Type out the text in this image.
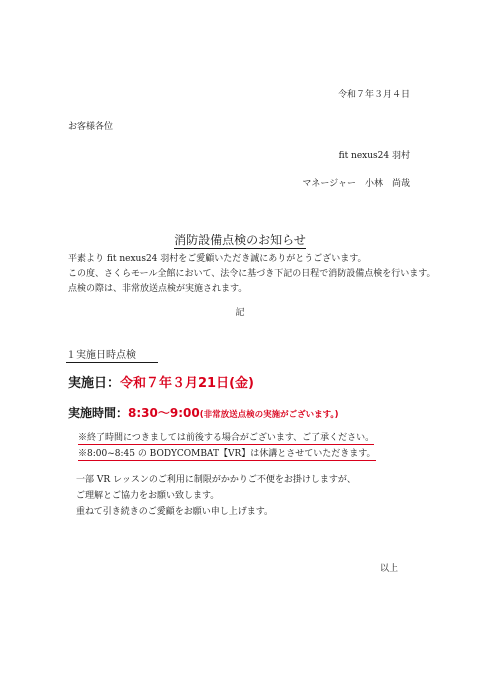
令和７年３月４日
お客様各位
fit nexus24 羽村
マネージャー　小林　尚哉
消防設備点検のお知らせ
平素より fit nexus24 羽村をご愛顧いただき誠にありがとうございます。
この度、さくらモール全館において、法令に基づき下記の日程で消防設備点検を行います。
点検の際は、非常放送点検が実施されます。
記
１実施日時点検
実施日：令和７年３月21日(金)
実施時間：8:30〜9:00(非常放送点検の実施がございます。)
※終了時間につきましては前後する場合がございます、ご了承ください。
※8:00~8:45 の BODYCOMBAT【VR】は休講とさせていただきます。
一部 VR レッスンのご利用に制限がかかりご不便をお掛けしますが、
ご理解とご協力をお願い致します。
重ねて引き続きのご愛顧をお願い申し上げます。
以上
